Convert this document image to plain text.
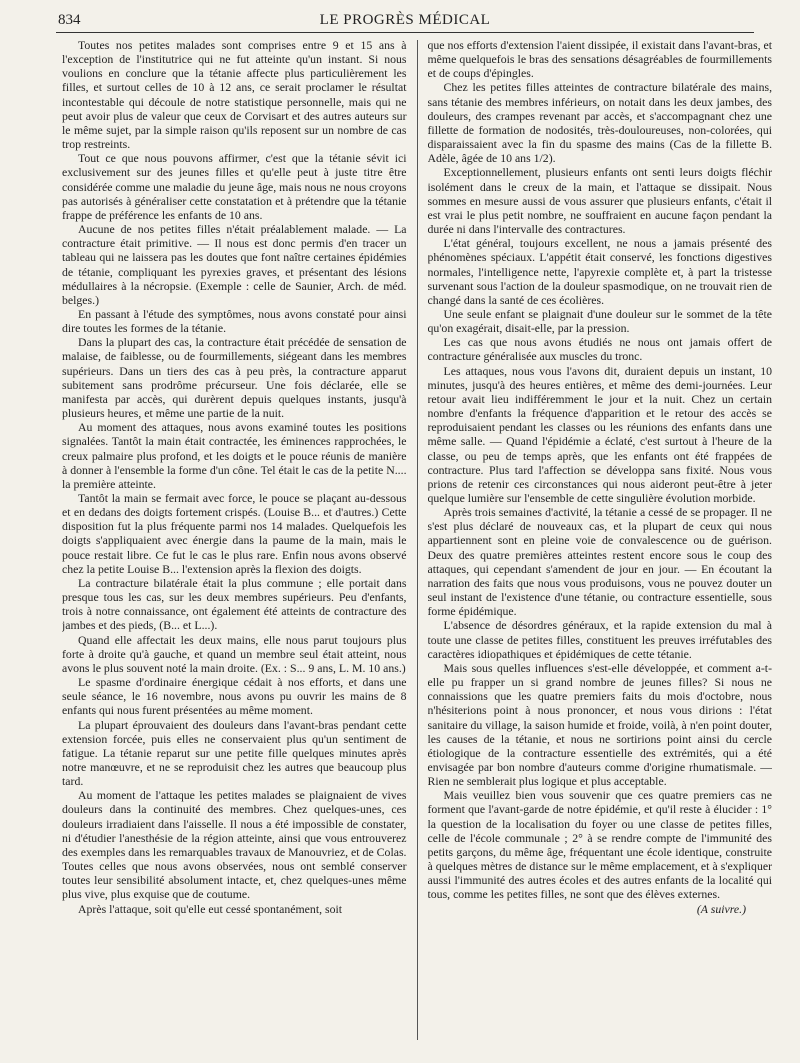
834	LE PROGRÈS MÉDICAL

Toutes nos petites malades sont comprises entre 9 et 15 ans à l'exception de l'institutrice qui ne fut atteinte qu'un instant. Si nous voulions en conclure que la tétanie affecte plus particulièrement les filles, et surtout celles de 10 à 12 ans, ce serait proclamer le résultat incontestable qui découle de notre statistique personnelle, mais qui ne peut avoir plus de valeur que ceux de Corvisart et des autres auteurs sur le même sujet, par la simple raison qu'ils reposent sur un nombre de cas trop restreints.

Tout ce que nous pouvons affirmer, c'est que la tétanie sévit ici exclusivement sur des jeunes filles et qu'elle peut à juste titre être considérée comme une maladie du jeune âge, mais nous ne nous croyons pas autorisés à généraliser cette constatation et à prétendre que la tétanie frappe de préférence les enfants de 10 ans.

Aucune de nos petites filles n'était préalablement malade. — La contracture était primitive. — Il nous est donc permis d'en tracer un tableau qui ne laissera pas les doutes que font naître certaines épidémies de tétanie, compliquant les pyrexies graves, et présentant des lésions médullaires à la nécropsie. (Exemple : celle de Saunier, Arch. de méd. belges.)

En passant à l'étude des symptômes, nous avons constaté pour ainsi dire toutes les formes de la tétanie.

Dans la plupart des cas, la contracture était précédée de sensation de malaise, de faiblesse, ou de fourmillements, siégeant dans les membres supérieurs. Dans un tiers des cas à peu près, la contracture apparut subitement sans prodrôme précurseur. Une fois déclarée, elle se manifesta par accès, qui durèrent depuis quelques instants, jusqu'à plusieurs heures, et même une partie de la nuit.

Au moment des attaques, nous avons examiné toutes les positions signalées. Tantôt la main était contractée, les éminences rapprochées, le creux palmaire plus profond, et les doigts et le pouce réunis de manière à donner à l'ensemble la forme d'un cône. Tel était le cas de la petite N.... la première atteinte.

Tantôt la main se fermait avec force, le pouce se plaçant au-dessous et en dedans des doigts fortement crispés. (Louise B... et d'autres.) Cette disposition fut la plus fréquente parmi nos 14 malades. Quelquefois les doigts s'appliquaient avec énergie dans la paume de la main, mais le pouce restait libre. Ce fut le cas le plus rare. Enfin nous avons observé chez la petite Louise B... l'extension après la flexion des doigts.

La contracture bilatérale était la plus commune ; elle portait dans presque tous les cas, sur les deux membres supérieurs. Peu d'enfants, trois à notre connaissance, ont également été atteints de contracture des jambes et des pieds, (B... et L...).

Quand elle affectait les deux mains, elle nous parut toujours plus forte à droite qu'à gauche, et quand un membre seul était atteint, nous avons le plus souvent noté la main droite. (Ex. : S... 9 ans, L. M. 10 ans.)

Le spasme d'ordinaire énergique cédait à nos efforts, et dans une seule séance, le 16 novembre, nous avons pu ouvrir les mains de 8 enfants qui nous furent présentées au même moment.

La plupart éprouvaient des douleurs dans l'avant-bras pendant cette extension forcée, puis elles ne conservaient plus qu'un sentiment de fatigue. La tétanie reparut sur une petite fille quelques minutes après notre manœuvre, et ne se reproduisit chez les autres que beaucoup plus tard.

Au moment de l'attaque les petites malades se plaignaient de vives douleurs dans la continuité des membres. Chez quelques-unes, ces douleurs irradiaient dans l'aisselle. Il nous a été impossible de constater, ni d'étudier l'anesthésie de la région atteinte, ainsi que vous entrouverez des exemples dans les remarquables travaux de Manouvriez, et de Colas. Toutes celles que nous avons observées, nous ont semblé conserver toutes leur sensibilité absolument intacte, et, chez quelques-unes même plus vive, plus exquise que de coutume.

Après l'attaque, soit qu'elle eut cessé spontanément, soit

que nos efforts d'extension l'aient dissipée, il existait dans l'avant-bras, et même quelquefois le bras des sensations désagréables de fourmillements et de coups d'épingles.

Chez les petites filles atteintes de contracture bilatérale des mains, sans tétanie des membres inférieurs, on notait dans les deux jambes, des douleurs, des crampes revenant par accès, et s'accompagnant chez une fillette de formation de nodosités, très-douloureuses, non-colorées, qui disparaissaient avec la fin du spasme des mains (Cas de la fillette B. Adèle, âgée de 10 ans 1/2).

Exceptionnellement, plusieurs enfants ont senti leurs doigts fléchir isolément dans le creux de la main, et l'attaque se dissipait. Nous sommes en mesure aussi de vous assurer que plusieurs enfants, c'était il est vrai le plus petit nombre, ne souffraient en aucune façon pendant la durée ni dans l'intervalle des contractures.

L'état général, toujours excellent, ne nous a jamais présenté des phénomènes spéciaux. L'appétit était conservé, les fonctions digestives normales, l'intelligence nette, l'apyrexie complète et, à part la tristesse survenant sous l'action de la douleur spasmodique, on ne trouvait rien de changé dans la santé de ces écolières.

Une seule enfant se plaignait d'une douleur sur le sommet de la tête qu'on exagérait, disait-elle, par la pression.

Les cas que nous avons étudiés ne nous ont jamais offert de contracture généralisée aux muscles du tronc.

Les attaques, nous vous l'avons dit, duraient depuis un instant, 10 minutes, jusqu'à des heures entières, et même des demi-journées. Leur retour avait lieu indifféremment le jour et la nuit. Chez un certain nombre d'enfants la fréquence d'apparition et le retour des accès se reproduisaient pendant les classes ou les réunions des enfants dans une même salle. — Quand l'épidémie a éclaté, c'est surtout à l'heure de la classe, ou peu de temps après, que les enfants ont été frappées de contracture. Plus tard l'affection se développa sans fixité. Nous vous prions de retenir ces circonstances qui nous aideront peut-être à jeter quelque lumière sur l'ensemble de cette singulière évolution morbide.

Après trois semaines d'activité, la tétanie a cessé de se propager. Il ne s'est plus déclaré de nouveaux cas, et la plupart de ceux qui nous appartiennent sont en pleine voie de convalescence ou de guérison. Deux des quatre premières atteintes restent encore sous le coup des attaques, qui cependant s'amendent de jour en jour. — En écoutant la narration des faits que nous vous produisons, vous ne pouvez douter un seul instant de l'existence d'une tétanie, ou contracture essentielle, sous forme épidémique.

L'absence de désordres généraux, et la rapide extension du mal à toute une classe de petites filles, constituent les preuves irréfutables des caractères idiopathiques et épidémiques de cette tétanie.

Mais sous quelles influences s'est-elle développée, et comment a-t-elle pu frapper un si grand nombre de jeunes filles? Si nous ne connaissions que les quatre premiers faits du mois d'octobre, nous n'hésiterions point à nous prononcer, et nous vous dirions : l'état sanitaire du village, la saison humide et froide, voilà, à n'en point douter, les causes de la tétanie, et nous ne sortirions point ainsi du cercle étiologique de la contracture essentielle des extrémités, qui a été envisagée par bon nombre d'auteurs comme d'origine rhumatismale. — Rien ne semblerait plus logique et plus acceptable.

Mais veuillez bien vous souvenir que ces quatre premiers cas ne forment que l'avant-garde de notre épidémie, et qu'il reste à élucider : 1° la question de la localisation du foyer ou une classe de petites filles, celle de l'école communale ; 2° à se rendre compte de l'immunité des petits garçons, du même âge, fréquentant une école identique, construite à quelques mètres de distance sur le même emplacement, et à s'expliquer aussi l'immunité des autres écoles et des autres enfants de la localité qui tous, comme les petites filles, ne sont que des élèves externes.

(A suivre.)
